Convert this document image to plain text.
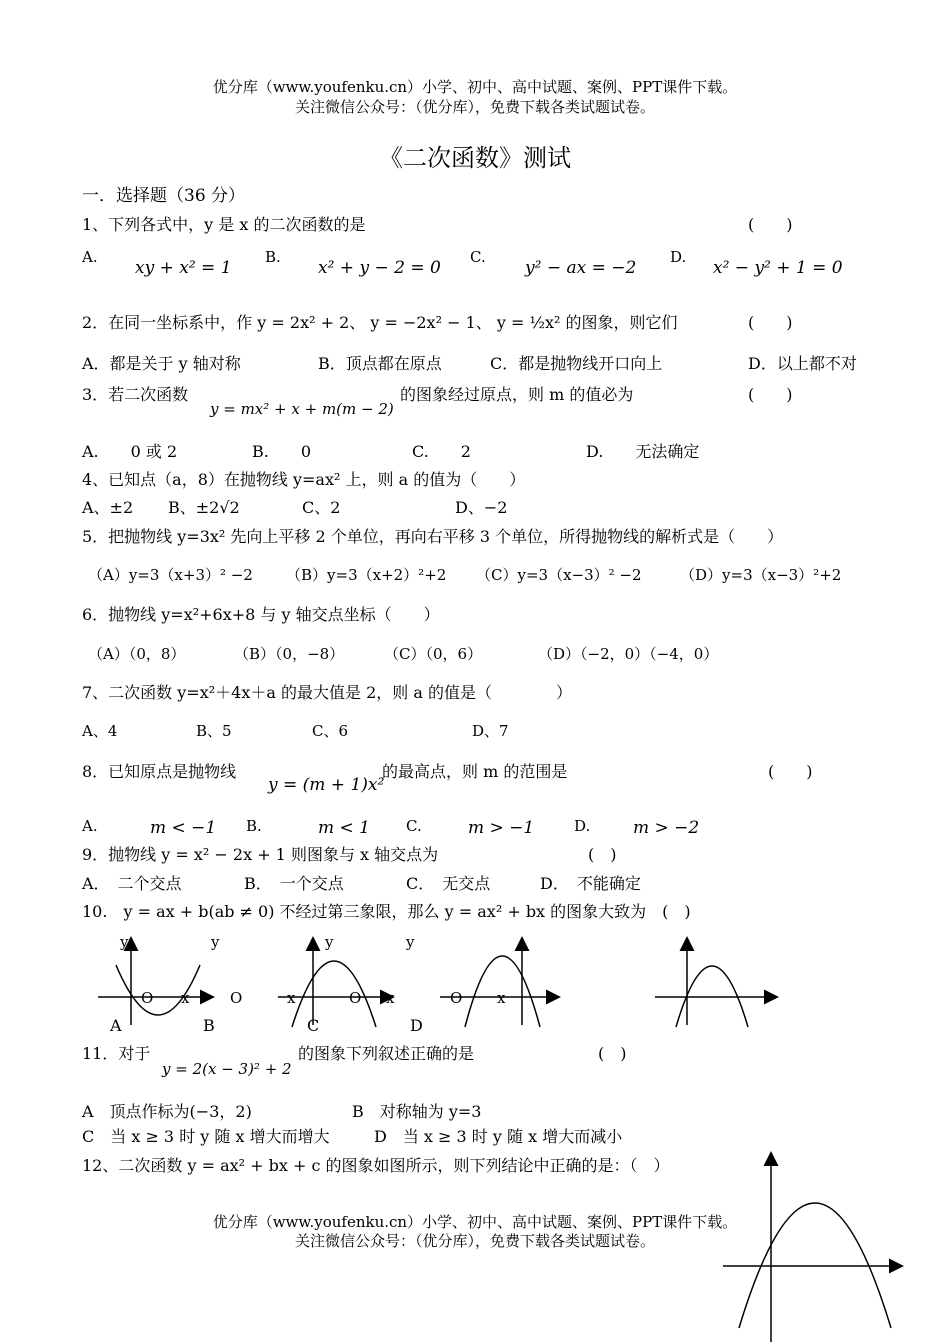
优分库（www.youfenku.cn）小学、初中、高中试题、案例、PPT课件下载。
关注微信公众号：（优分库），免费下载各类试题试卷。
《二次函数》测试
一．选择题（36 分）
1、下列各式中，y 是 x 的二次函数的是	(　　)
A.
xy + x² = 1
B.
x² + y − 2 = 0
C.
y² − ax = −2
D.
x² − y² + 1 = 0
2．在同一坐标系中，作 y = 2x² + 2、 y = −2x² − 1、 y = ½x² 的图象，则它们	(　　)
A．都是关于 y 轴对称	B．顶点都在原点	C．都是抛物线开口向上	D．以上都不对
3．若二次函数
y = mx² + x + m(m − 2)
的图象经过原点，则 m 的值必为	(　　)
A.　　0 或 2	B.　　0	C.　　2	D.　　无法确定
4、已知点（a，8）在抛物线 y=ax² 上，则 a 的值为（　　）
A、±2 B、±2√2	C、2	D、−2
5．把抛物线 y=3x² 先向上平移 2 个单位，再向右平移 3 个单位，所得抛物线的解析式是（　　）
（A）y=3（x+3）² −2 （B）y=3（x+2）²+2 （C）y=3（x−3）² −2	（D）y=3（x−3）²+2
6．抛物线 y=x²+6x+8 与 y 轴交点坐标（　　）
（A）（0，8）	（B）（0，−8）	（C）（0，6）	（D）（−2，0）（−4，0）
7、二次函数 y=x²＋4x＋a 的最大值是 2，则 a 的值是（　　　　）
A、4	B、5	C、6	D、7
8．已知原点是抛物线
y = (m + 1)x²
的最高点，则 m 的范围是	(　　)
A.	m < −1 B.	m < 1 C.	m > −1	D.	m > −2
9．抛物线 y = x² − 2x + 1 则图象与 x 轴交点为	(　)
A．　二个交点	B．　一个交点	C．　无交点	D．　不能确定
10.　y = ax + b(ab ≠ 0) 不经过第三象限，那么 y = ax² + bx 的图象大致为　(　)
y
O x
A
y
O	x
B
y
O x
C
y
O x
D
11．对于
y = 2(x − 3)² + 2
的图象下列叙述正确的是	(　)
A　顶点作标为(−3，2)	B　对称轴为 y=3
C　当 x ≥ 3 时 y 随 x 增大而增大	D　当 x ≥ 3 时 y 随 x 增大而减小
12、二次函数 y = ax² + bx + c 的图象如图所示，则下列结论中正确的是：（　）
优分库（www.youfenku.cn）小学、初中、高中试题、案例、PPT课件下载。
关注微信公众号：（优分库），免费下载各类试题试卷。
